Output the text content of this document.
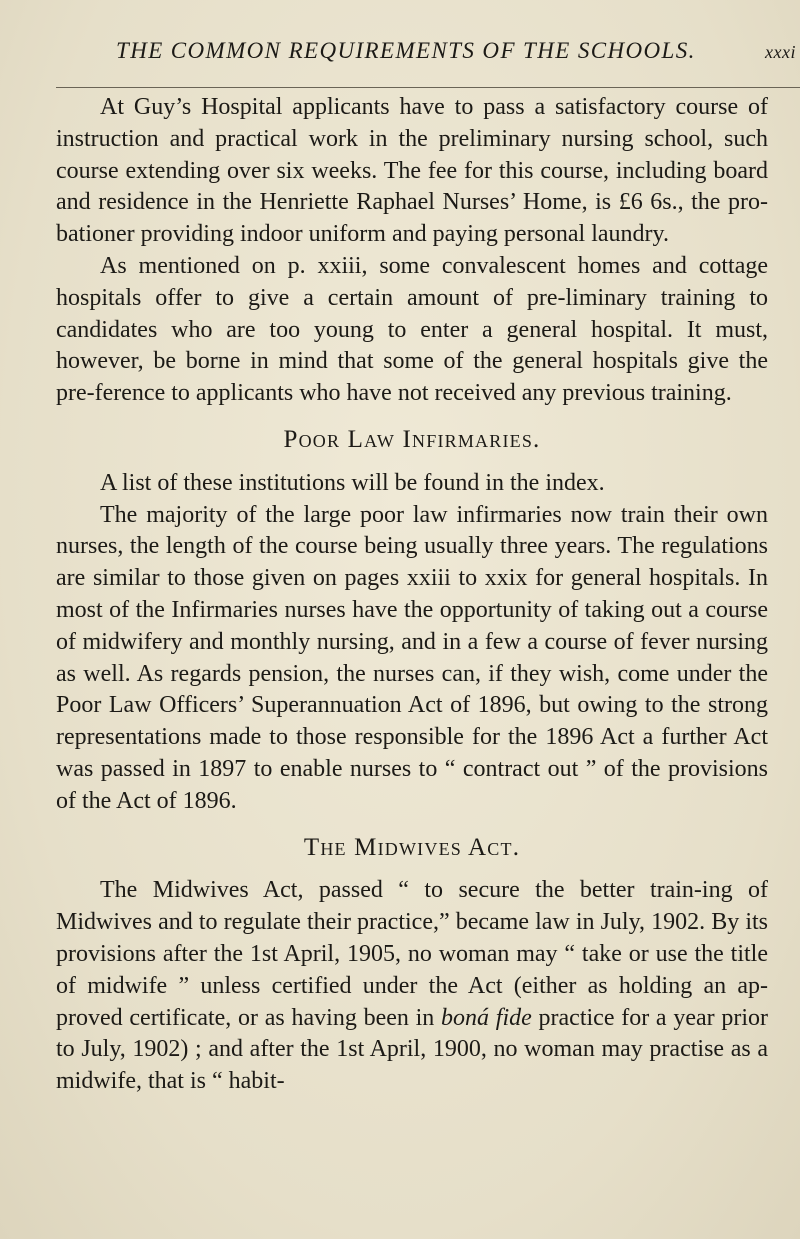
THE COMMON REQUIREMENTS OF THE SCHOOLS.	xxxi

At Guy’s Hospital applicants have to pass a satisfactory course of instruction and practical work in the preliminary nursing school, such course extending over six weeks. The fee for this course, including board and residence in the Henriette Raphael Nurses’ Home, is £6 6s., the pro-bationer providing indoor uniform and paying personal laundry.

As mentioned on p. xxiii, some convalescent homes and cottage hospitals offer to give a certain amount of pre-liminary training to candidates who are too young to enter a general hospital. It must, however, be borne in mind that some of the general hospitals give the pre-ference to applicants who have not received any previous training.

Poor Law Infirmaries.

A list of these institutions will be found in the index.

The majority of the large poor law infirmaries now train their own nurses, the length of the course being usually three years. The regulations are similar to those given on pages xxiii to xxix for general hospitals. In most of the Infirmaries nurses have the opportunity of taking out a course of midwifery and monthly nursing, and in a few a course of fever nursing as well. As regards pension, the nurses can, if they wish, come under the Poor Law Officers’ Superannuation Act of 1896, but owing to the strong representations made to those responsible for the 1896 Act a further Act was passed in 1897 to enable nurses to “ contract out ” of the provisions of the Act of 1896.

The Midwives Act.

The Midwives Act, passed “ to secure the better train-ing of Midwives and to regulate their practice,” became law in July, 1902. By its provisions after the 1st April, 1905, no woman may “ take or use the title of midwife ” unless certified under the Act (either as holding an ap-proved certificate, or as having been in boná fide practice for a year prior to July, 1902) ; and after the 1st April, 1900, no woman may practise as a midwife, that is “ habit-
